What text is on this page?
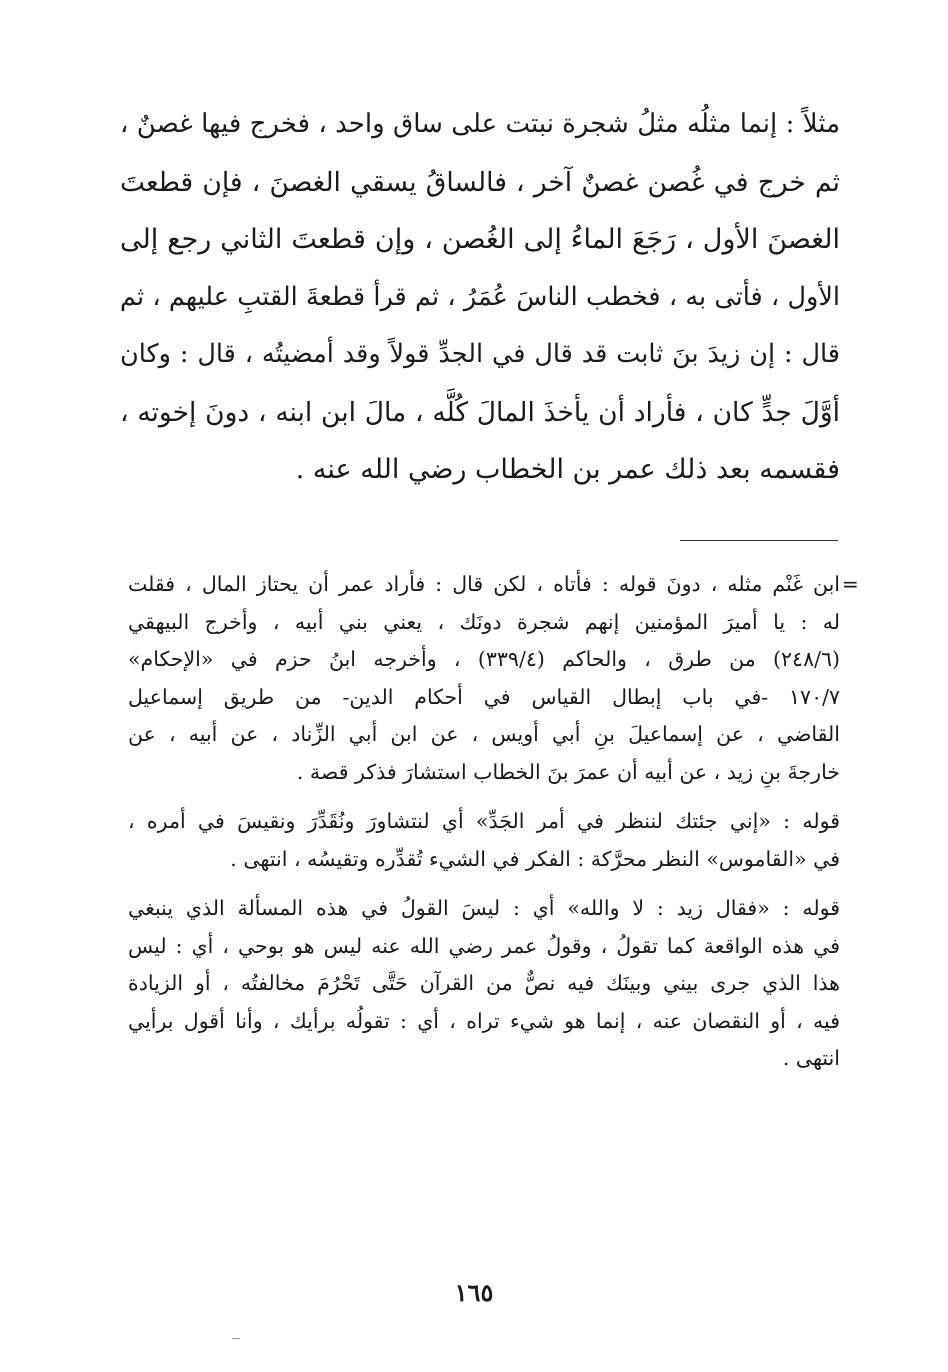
مثلاً : إنما مثلُه مثلُ شجرة نبتت على ساق واحد ، فخرج فيها غصنٌ ،
ثم خرج في غُصن غصنٌ آخر ، فالساقُ يسقي الغصنَ ، فإن قطعتَ
الغصنَ الأول ، رَجَعَ الماءُ إلى الغُصن ، وإن قطعتَ الثاني رجع إلى
الأول ، فأتى به ، فخطب الناسَ عُمَرُ ، ثم قرأ قطعةَ القتبِ عليهم ، ثم
قال : إن زيدَ بنَ ثابت قد قال في الجدِّ قولاً وقد أمضيتُه ، قال : وكان
أوَّلَ جدٍّ كان ، فأراد أن يأخذَ المالَ كُلَّه ، مالَ ابن ابنه ، دونَ إخوته ،
فقسمه بعد ذلك عمر بن الخطاب رضي الله عنه .
=
ابن غَنْم مثله ، دونَ قوله : فأتاه ، لكن قال : فأراد عمر أن يحتاز المال ، فقلت
له : يا أميرَ المؤمنين إنهم شجرة دونَك ، يعني بني أبيه ، وأخرج البيهقي
(٢٤٨/٦) من طرق ، والحاكم (٣٣٩/٤) ، وأخرجه ابنُ حزم في «الإحكام»
١٧٠/٧ -في باب إبطال القياس في أحكام الدين- من طريق إسماعيل
القاضي ، عن إسماعيلَ بنِ أبي أويس ، عن ابن أبي الزِّناد ، عن أبيه ، عن
خارجةَ بنِ زيد ، عن أبيه أن عمرَ بنَ الخطاب استشارَ فذكر قصة .
قوله : «إني جئتك لننظر في أمر الجَدِّ» أي لنتشاورَ ونُقَدِّرَ ونقيسَ في أمره ،
في «القاموس» النظر محرَّكة : الفكر في الشيء تُقدِّره وتقيسُه ، انتهى .
قوله : «فقال زيد : لا والله» أي : ليسَ القولُ في هذه المسألة الذي ينبغي
في هذه الواقعة كما تقولُ ، وقولُ عمر رضي الله عنه ليس هو بوحي ، أي : ليس
هذا الذي جرى بيني وبينَك فيه نصٌّ من القرآن حَتَّى تَحْرُمَ مخالفتُه ، أو الزيادة
فيه ، أو النقصان عنه ، إنما هو شيء تراه ، أي : تقولُه برأيك ، وأنا أقول برأيي
انتهى .
١٦٥
